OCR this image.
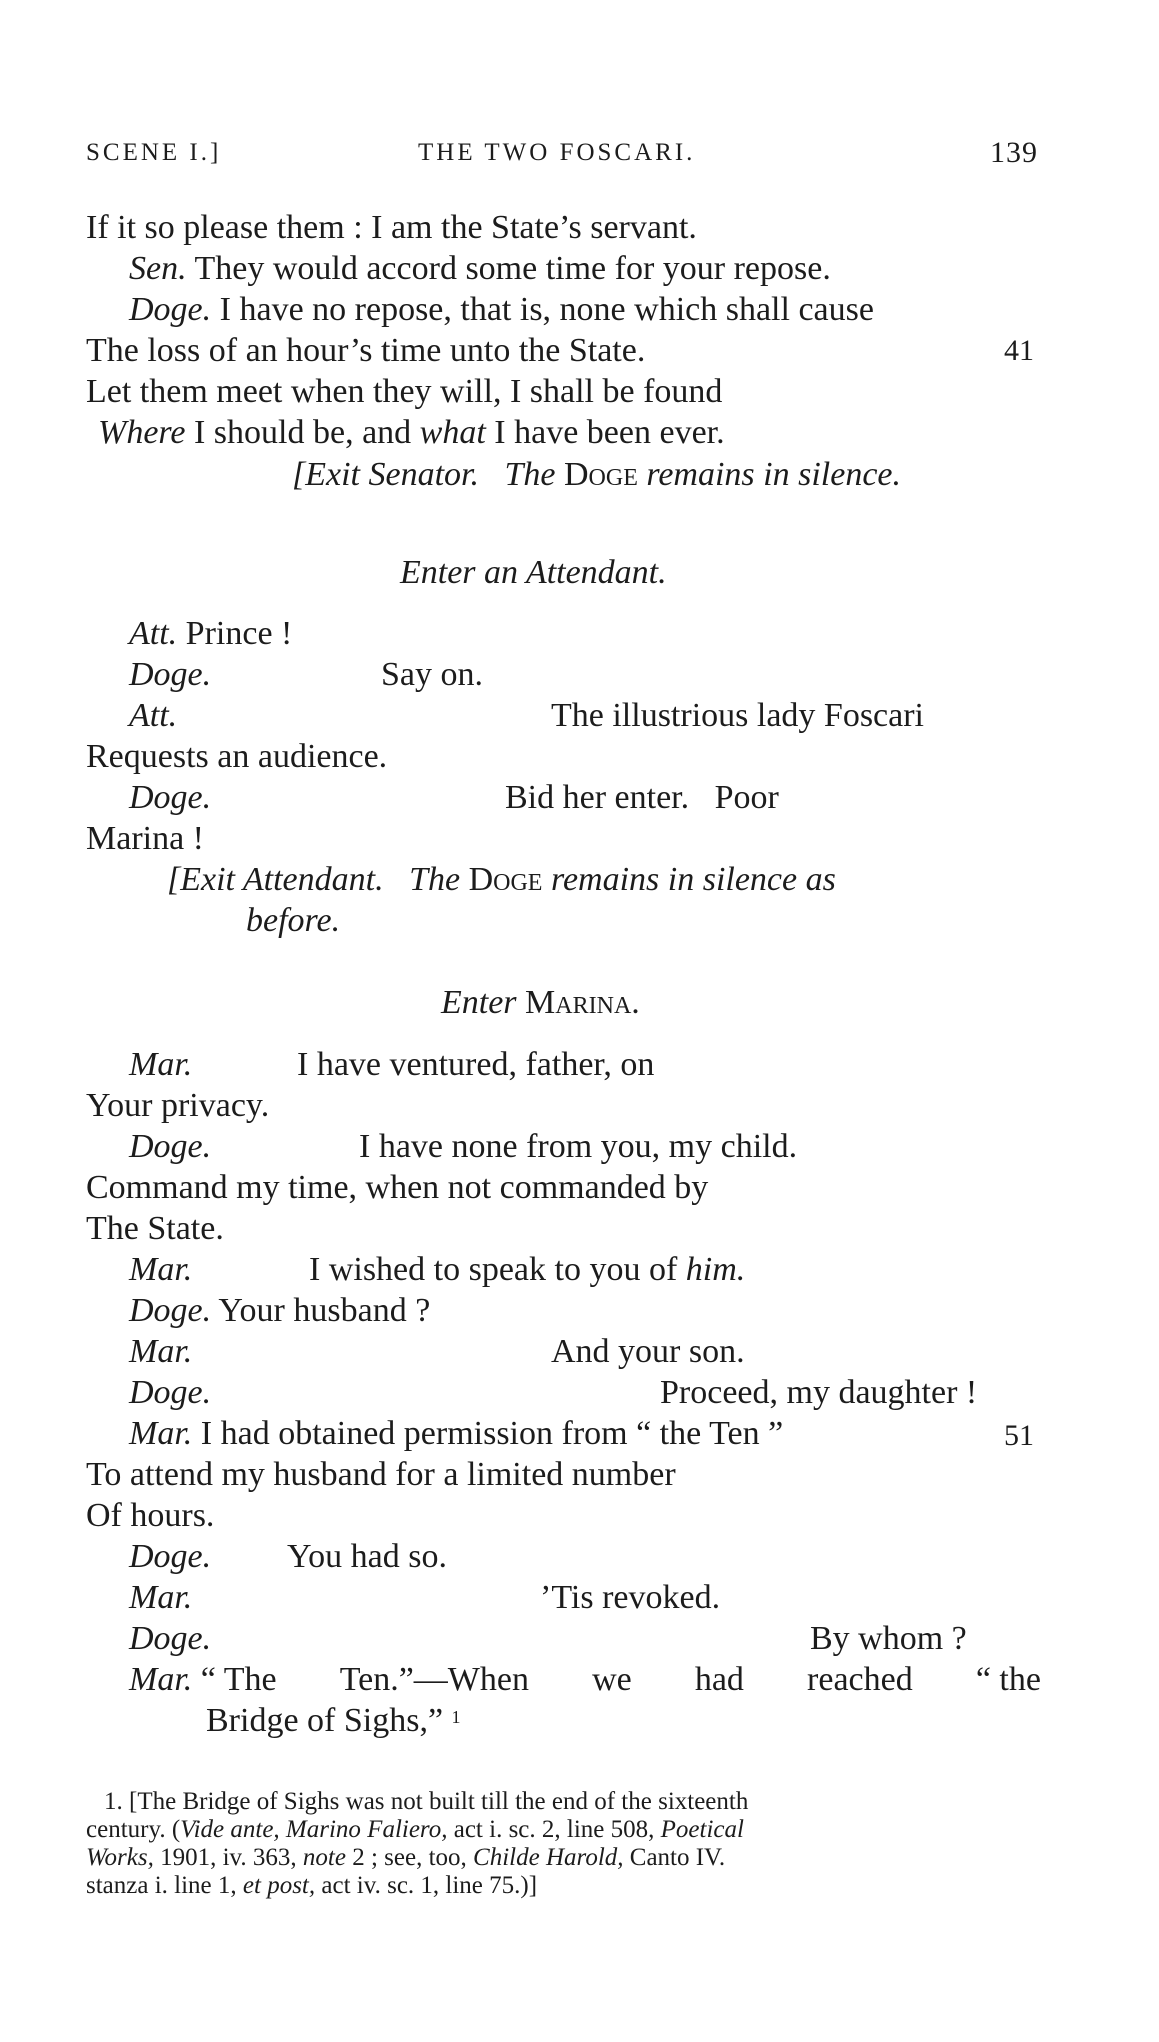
SCENE I.]	THE TWO FOSCARI.	139
If it so please them : I am the State’s servant.
Sen. They would accord some time for your repose.
Doge. I have no repose, that is, none which shall cause
The loss of an hour’s time unto the State.	41
Let them meet when they will, I shall be found
Where I should be, and what I have been ever.
[Exit Senator. The Doge remains in silence.
Enter an Attendant.
Att. Prince !
Doge.	Say on.
Att.	The illustrious lady Foscari
Requests an audience.
Doge.	Bid her enter.   Poor
Marina !
[Exit Attendant. The Doge remains in silence as
before.
Enter Marina.
Mar.	I have ventured, father, on
Your privacy.
Doge.	I have none from you, my child.
Command my time, when not commanded by
The State.
Mar.	I wished to speak to you of him.
Doge. Your husband ?
Mar.	And your son.
Doge.	Proceed, my daughter !
Mar. I had obtained permission from “ the Ten ”	51
To attend my husband for a limited number
Of hours.
Doge. You had so.
Mar.	’Tis revoked.
Doge.	By whom ?
Mar. “ The Ten.”—When we had reached “ the
Bridge of Sighs,” $^1$
1. [The Bridge of Sighs was not built till the end of the sixteenth
century. (Vide ante, Marino Faliero, act i. sc. 2, line 508, Poetical
Works, 1901, iv. 363, note 2 ; see, too, Childe Harold, Canto IV.
stanza i. line 1, et post, act iv. sc. 1, line 75.)]
